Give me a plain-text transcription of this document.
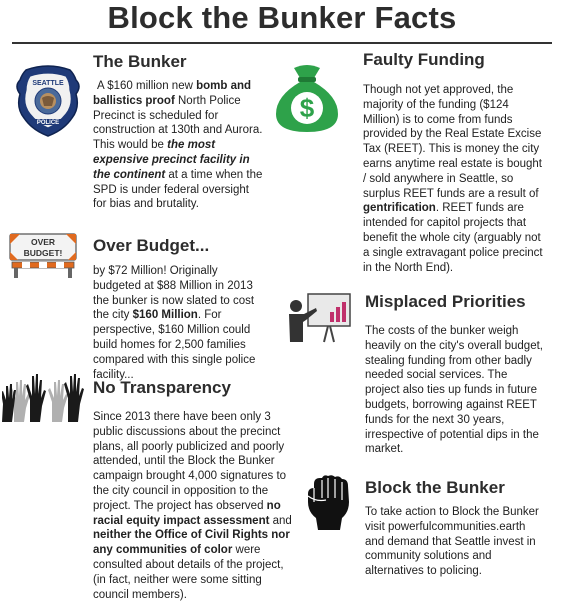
Block the Bunker Facts
SEATTLE
POLICE
The Bunker
A $160 million new bomb and ballistics proof North Police Precinct is scheduled for construction at 130th and Aurora. This would be the most expensive precinct facility in the continent at a time when the SPD is under federal oversight for bias and brutality.
OVER
BUDGET! Over Budget...
by $72 Million! Originally budgeted at $88 Million in 2013 the bunker is now slated to cost the city $160 Million. For perspective, $160 Million could build homes for 2,500 families compared with this single police facility...
No Transparency
Since 2013 there have been only 3 public discussions about the precinct plans, all poorly publicized and poorly attended, until the Block the Bunker campaign brought 4,000 signatures to the city council in opposition to the project. The project has observed no racial equity impact assessment and neither the Office of Civil Rights nor any communities of color were consulted about details of the project, (in fact, neither were some sitting council members).
$
Faulty Funding
Though not yet approved, the majority of the funding ($124 Million) is to come from funds provided by the Real Estate Excise Tax (REET). This is money the city earns anytime real estate is bought / sold anywhere in Seattle, so surplus REET funds are a result of gentrification. REET funds are intended for capitol projects that benefit the whole city (arguably not a single extravagant police precinct in the North End).
Misplaced Priorities
The costs of the bunker weigh heavily on the city's overall budget, stealing funding from other badly needed social services. The project also ties up funds in future budgets, borrowing against REET funds for the next 30 years, irrespective of potential dips in the market.
Block the Bunker
To take action to Block the Bunker visit powerfulcommunities.earth and demand that Seattle invest in community solutions and alternatives to policing.
